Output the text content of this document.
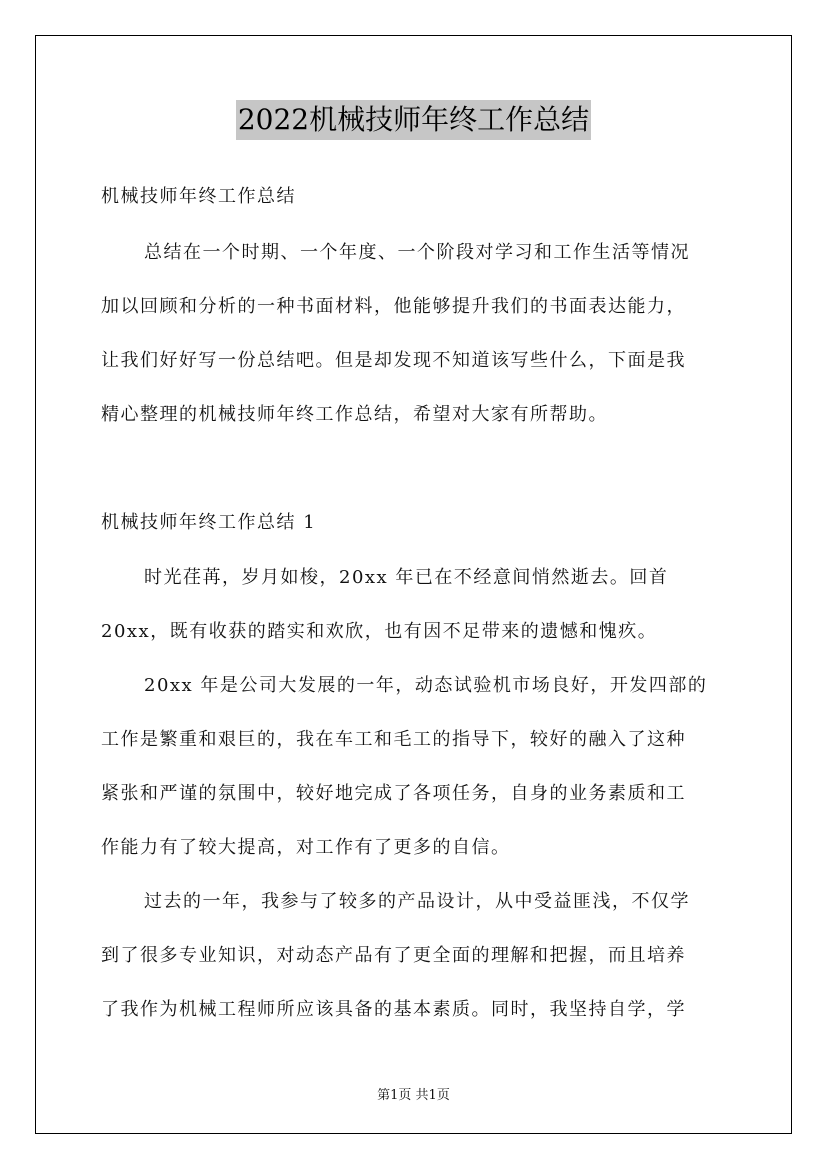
2022机械技师年终工作总结
机械技师年终工作总结
总结在一个时期、一个年度、一个阶段对学习和工作生活等情况
加以回顾和分析的一种书面材料，他能够提升我们的书面表达能力，
让我们好好写一份总结吧。但是却发现不知道该写些什么，下面是我
精心整理的机械技师年终工作总结，希望对大家有所帮助。
机械技师年终工作总结 1
时光荏苒，岁月如梭，20xx 年已在不经意间悄然逝去。回首
20xx，既有收获的踏实和欢欣，也有因不足带来的遗憾和愧疚。
20xx 年是公司大发展的一年，动态试验机市场良好，开发四部的
工作是繁重和艰巨的，我在车工和毛工的指导下，较好的融入了这种
紧张和严谨的氛围中，较好地完成了各项任务，自身的业务素质和工
作能力有了较大提高，对工作有了更多的自信。
过去的一年，我参与了较多的产品设计，从中受益匪浅，不仅学
到了很多专业知识，对动态产品有了更全面的理解和把握，而且培养
了我作为机械工程师所应该具备的基本素质。同时，我坚持自学，学
第1页 共1页
